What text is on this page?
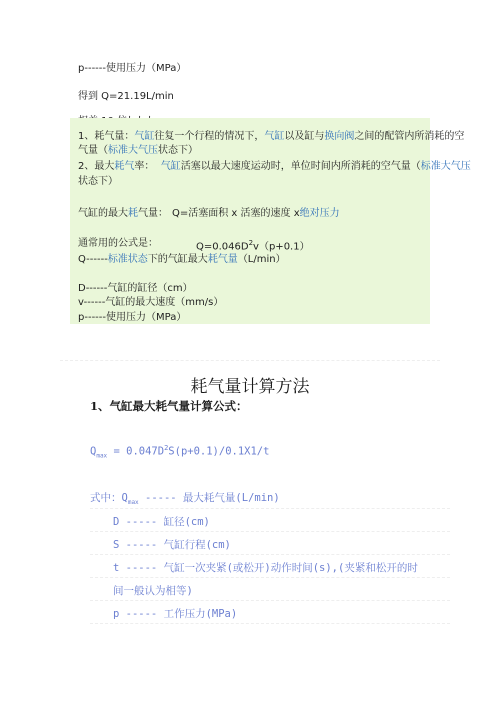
p------使用压力（MPa）
得到 Q=21.19L/min
1、耗气量：气缸往复一个行程的情况下，气缸以及缸与换向阀之间的配管内所消耗的空
气量（标准大气压状态下）
2、最大耗气率： 气缸活塞以最大速度运动时，单位时间内所消耗的空气量（标准大气压
状态下）
气缸的最大耗气量： Q=活塞面积 x 活塞的速度 x绝对压力
通常用的公式是：	$Q=0.046D^2v(p+0.1)$
Q------标准状态下的气缸最大耗气量（L/min）
D------气缸的缸径（cm）
v------气缸的最大速度（mm/s）
p------使用压力（MPa）
耗气量计算方法
1、气缸最大耗气量计算公式：
$Q_{max} = 0.047D^2S(p+0.1)/0.1X1/t$
式中：$Q_{max}$ ----- 最大耗气量(L/min)
D ----- 缸径(cm)
S ----- 气缸行程(cm)
t ----- 气缸一次夹紧(或松开)动作时间(s),(夹紧和松开的时
间一般认为相等)
p ----- 工作压力(MPa)
